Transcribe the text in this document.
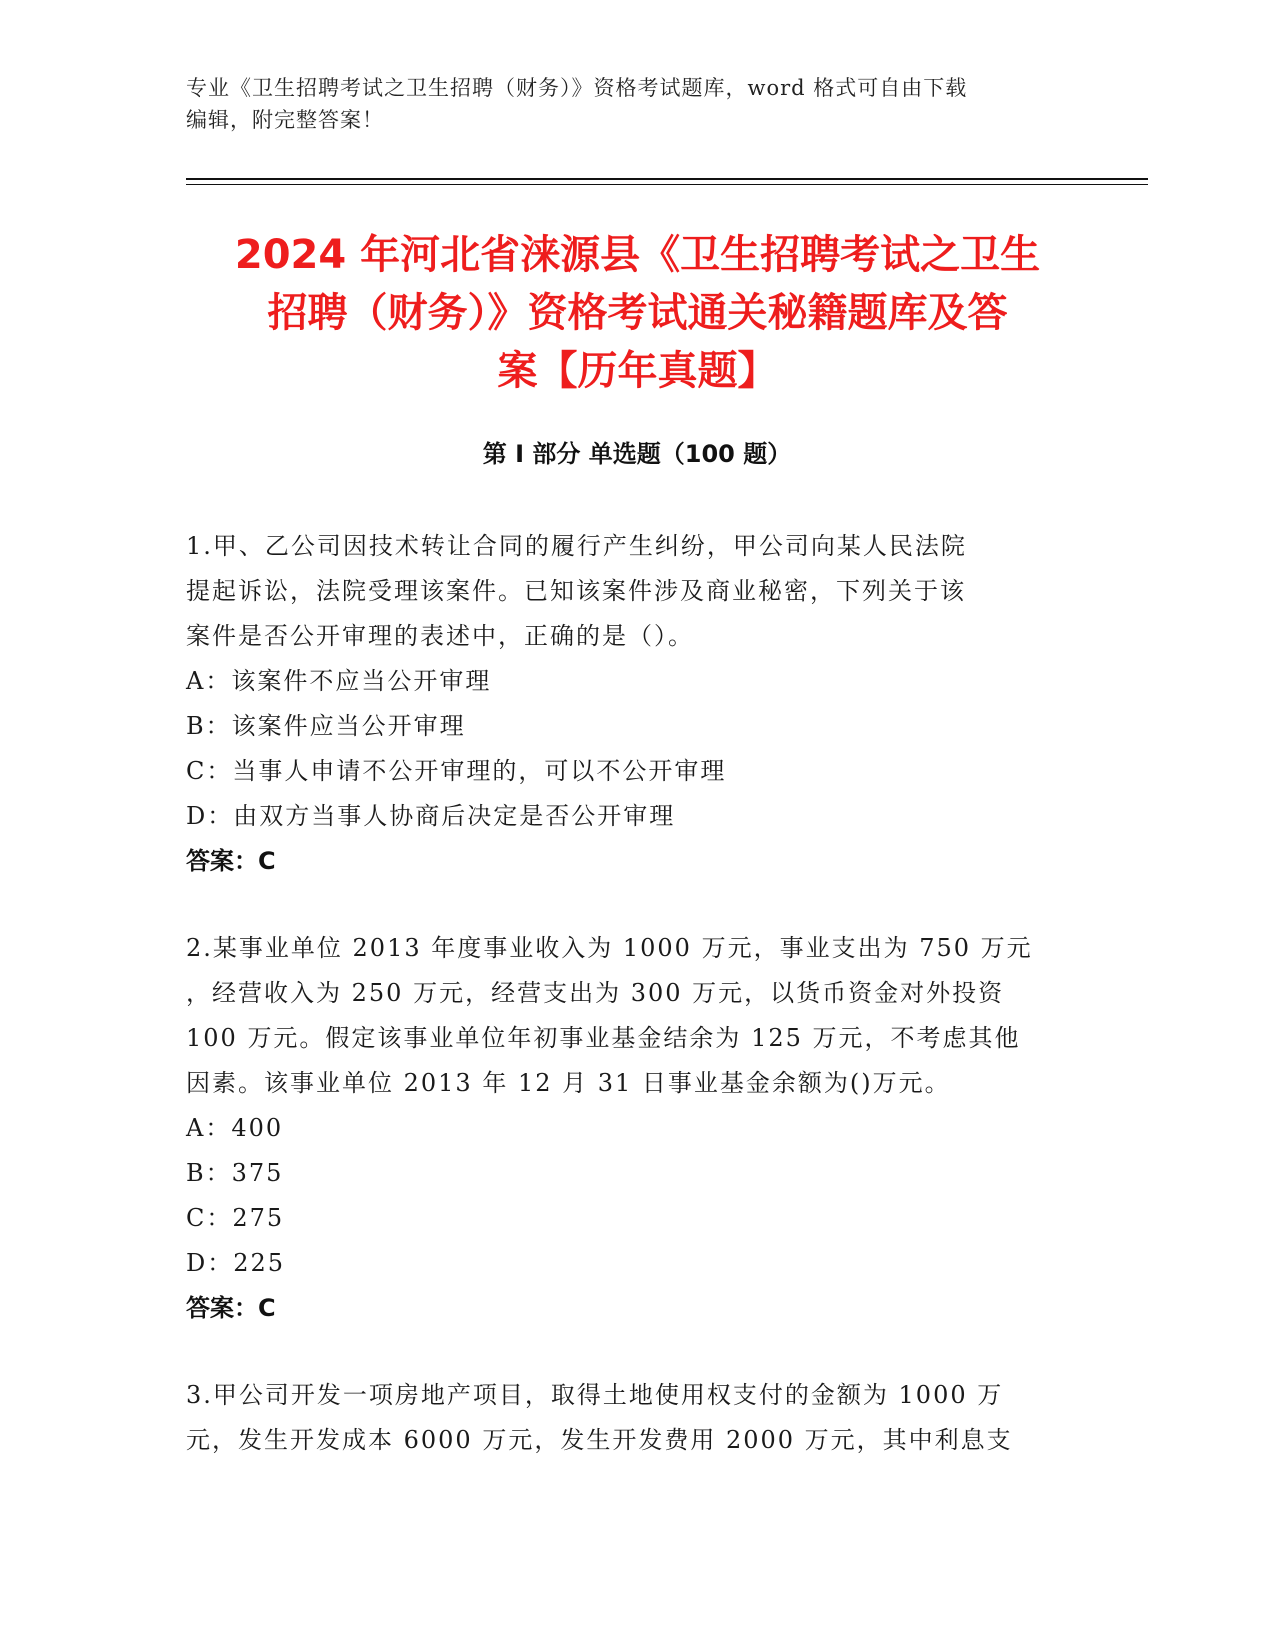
专业《卫生招聘考试之卫生招聘（财务）》资格考试题库，word 格式可自由下载
编辑，附完整答案！
2024 年河北省涞源县《卫生招聘考试之卫生
招聘（财务）》资格考试通关秘籍题库及答
案【历年真题】
第 I 部分 单选题（100 题）
1.甲、乙公司因技术转让合同的履行产生纠纷，甲公司向某人民法院
提起诉讼，法院受理该案件。已知该案件涉及商业秘密，下列关于该
案件是否公开审理的表述中，正确的是（）。
A：该案件不应当公开审理
B：该案件应当公开审理
C：当事人申请不公开审理的，可以不公开审理
D：由双方当事人协商后决定是否公开审理
答案：C
2.某事业单位 2013 年度事业收入为 1000 万元，事业支出为 750 万元
，经营收入为 250 万元，经营支出为 300 万元，以货币资金对外投资
100 万元。假定该事业单位年初事业基金结余为 125 万元，不考虑其他
因素。该事业单位 2013 年 12 月 31 日事业基金余额为()万元。
A：400
B：375
C：275
D：225
答案：C
3.甲公司开发一项房地产项目，取得土地使用权支付的金额为 1000 万
元，发生开发成本 6000 万元，发生开发费用 2000 万元，其中利息支
